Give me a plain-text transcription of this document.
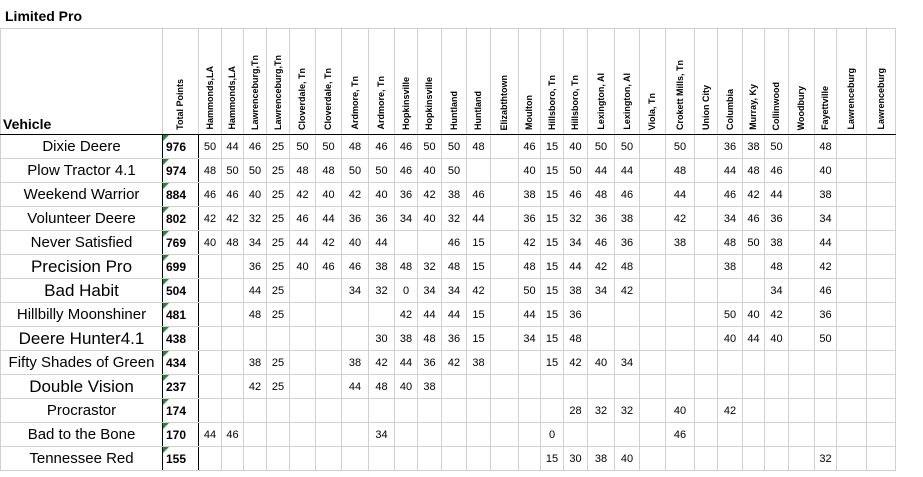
Limited Pro
Vehicle	Total Points	Hammonds,LA	Hammonds,LA	Lawrenceburg,Tn	Lawrenceburg,Tn	Cloverdale, Tn	Cloverdale, Tn	Ardmore, Tn	Ardmore, Tn	Hopkinsville	Hopkinsville	Huntland	Huntland	Elizabthtown	Moulton	Hillsboro, Tn	Hillsboro, Tn	Lexington, Al	Lexington, Al	Viola, Tn	Crokett Mills, Tn	Union City	Columbia	Murray, Ky	Collinwood	Woodbury	Fayettville	Lawrenceburg	Lawrenceburg

Dixie Deere	976	50	44	46	25	50	50	48	46	46	50	50	48		46	15	40	50	50		50		36	38	50		48		
Plow Tractor 4.1	974	48	50	50	25	48	48	50	50	46	40	50			40	15	50	44	44		48		44	48	46		40		
Weekend Warrior	884	46	46	40	25	42	40	42	40	36	42	38	46		38	15	46	48	46		44		46	42	44		38		
Volunteer Deere	802	42	42	32	25	46	44	36	36	34	40	32	44		36	15	32	36	38		42		34	46	36		34		
Never Satisfied	769	40	48	34	25	44	42	40	44			46	15		42	15	34	46	36		38		48	50	38		44		
Precision Pro	699			36	25	40	46	46	38	48	32	48	15		48	15	44	42	48				38		48		42		
Bad Habit	504			44	25			34	32	0	34	34	42		50	15	38	34	42						34		46		
Hillbilly Moonshiner	481			48	25					42	44	44	15		44	15	36						50	40	42		36		
Deere Hunter4.1	438								30	38	48	36	15		34	15	48						40	44	40		50		
Fifty Shades of Green	434			38	25			38	42	44	36	42	38			15	42	40	34										
Double Vision	237			42	25			44	48	40	38																		
Procrastor	174																28	32	32		40		42						
Bad to the Bone	170	44	46						34							0					46								
Tennessee Red	155															15	30	38	40								32		
